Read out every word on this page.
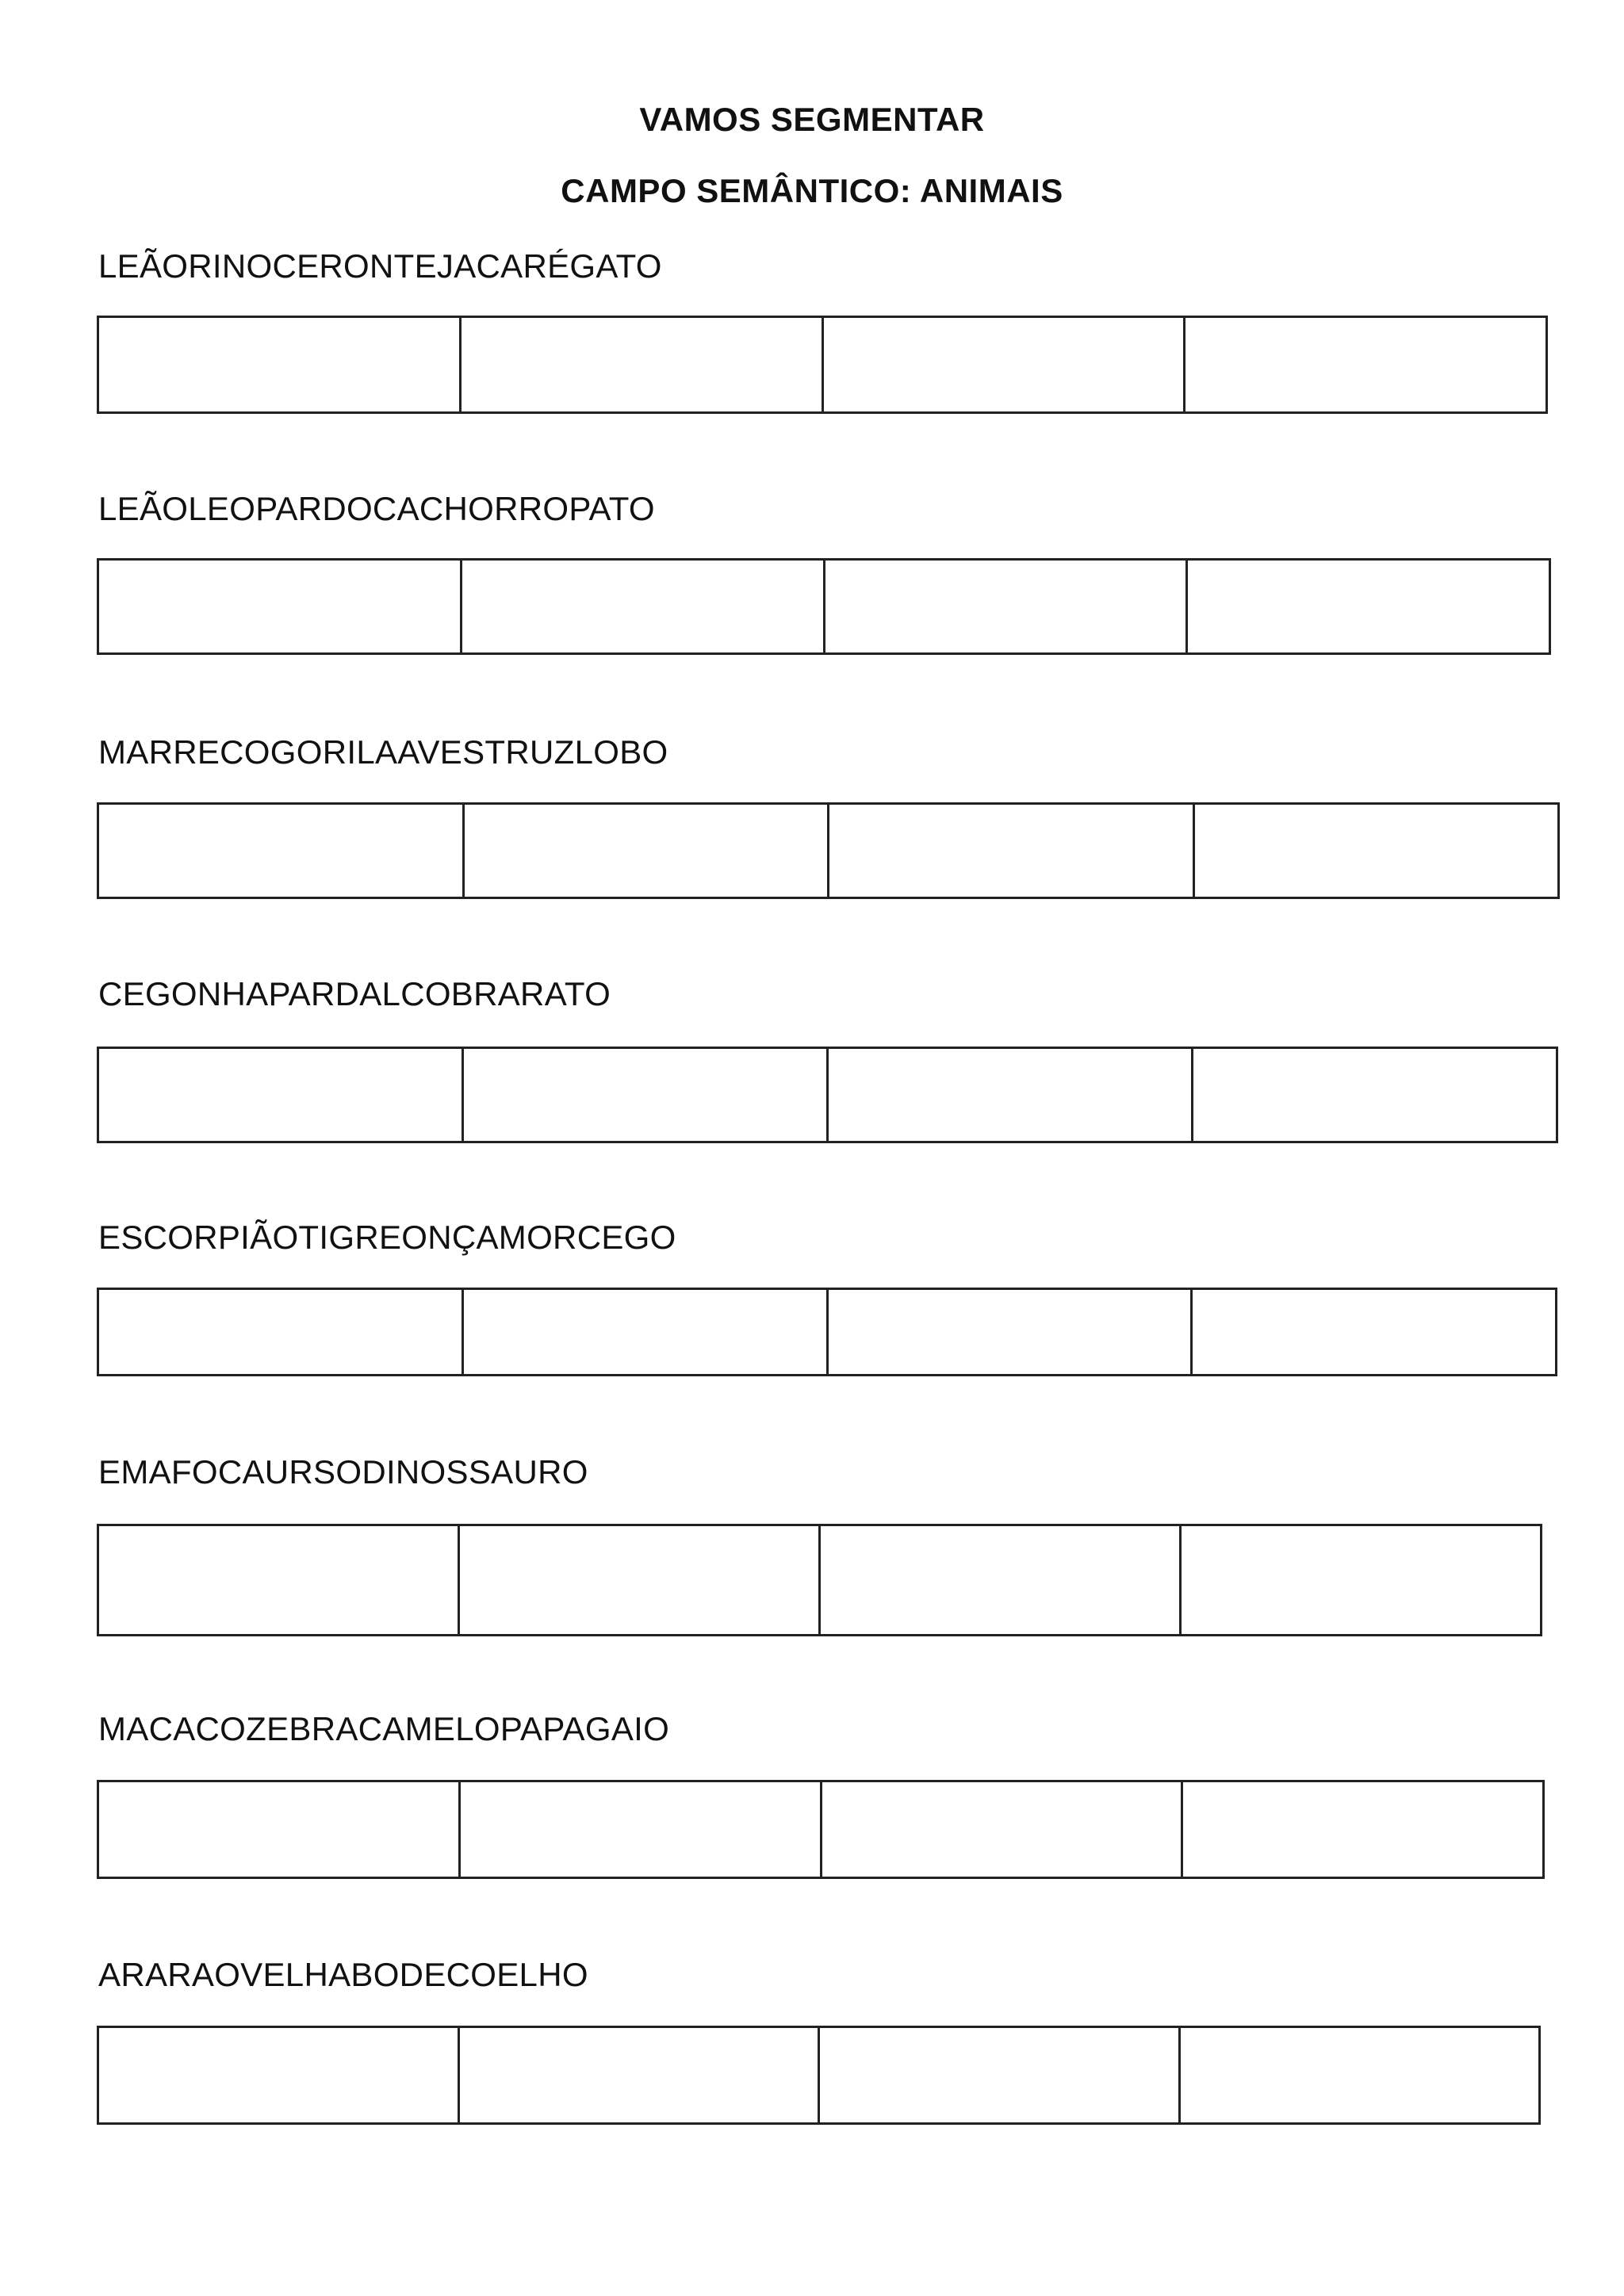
VAMOS SEGMENTAR
CAMPO SEMÂNTICO: ANIMAIS
LEÃORINOCERONTEJACARÉGATO
LEÃOLEOPARDOCACHORROPATO
MARRECOGORILAAVESTRUZLOBO
CEGONHAPARDALCOBRARATO
ESCORPIÃOTIGREONÇAMORCEGO
EMAFOCAURSODINOSSAURO
MACACOZEBRACAMELOPAPAGAIO
ARARAOVELHABODECOELHO
